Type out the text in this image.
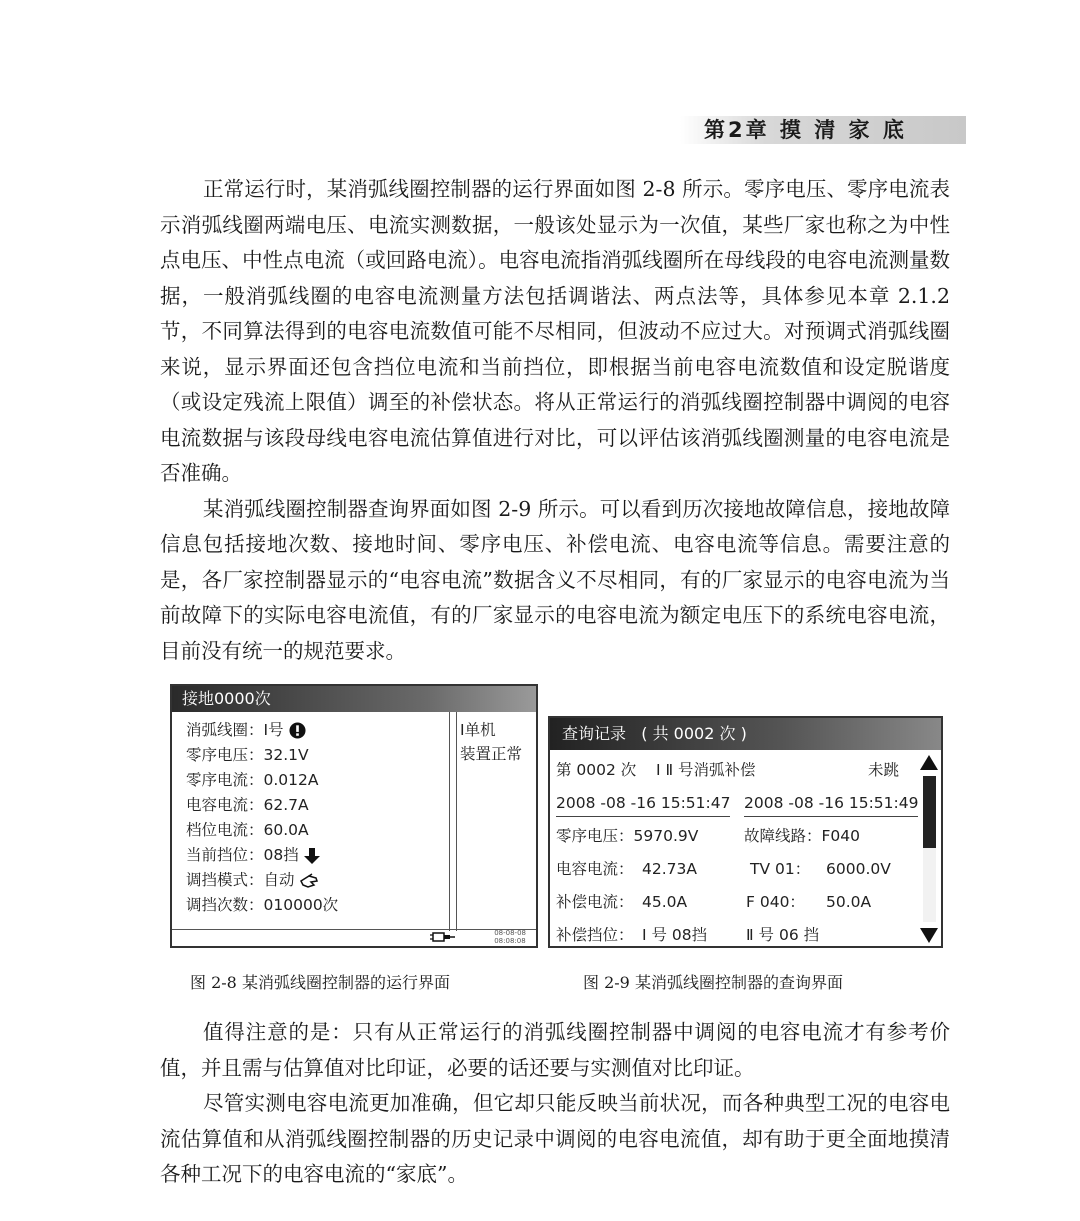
第2章 摸 清 家 底

正常运行时，某消弧线圈控制器的运行界面如图 2-8 所示。零序电压、零序电流表示消弧线圈两端电压、电流实测数据，一般该处显示为一次值，某些厂家也称之为中性点电压、中性点电流（或回路电流）。电容电流指消弧线圈所在母线段的电容电流测量数据，一般消弧线圈的电容电流测量方法包括调谐法、两点法等，具体参见本章 2.1.2 节，不同算法得到的电容电流数值可能不尽相同，但波动不应过大。对预调式消弧线圈来说，显示界面还包含挡位电流和当前挡位，即根据当前电容电流数值和设定脱谐度（或设定残流上限值）调至的补偿状态。将从正常运行的消弧线圈控制器中调阅的电容电流数据与该段母线电容电流估算值进行对比，可以评估该消弧线圈测量的电容电流是否准确。

某消弧线圈控制器查询界面如图 2-9 所示。可以看到历次接地故障信息，接地故障信息包括接地次数、接地时间、零序电压、补偿电流、电容电流等信息。需要注意的是，各厂家控制器显示的“电容电流”数据含义不尽相同，有的厂家显示的电容电流为当前故障下的实际电容电流值，有的厂家显示的电容电流为额定电压下的系统电容电流，目前没有统一的规范要求。

接地0000次
消弧线圈：Ⅰ号
零序电压：32.1V
零序电流：0.012A
电容电流：62.7A
档位电流：60.0A
当前挡位：08挡
调挡模式：自动
调挡次数：010000次
Ⅰ单机
装置正常
08-08-08
08:08:08
查询记录   ( 共 0002 次 )
第 0002 次 Ⅰ Ⅱ 号消弧补偿	未跳
2008 -08 -16 15:51:47 2008 -08 -16 15:51:49
零序电压：5970.9V	故障线路：F040
电容电流： 42.73A	TV 01： 6000.0V
补偿电流： 45.0A	F 040： 50.0A
补偿挡位： Ⅰ 号 08挡	Ⅱ 号 06 挡
图 2-8 某消弧线圈控制器的运行界面	图 2-9 某消弧线圈控制器的查询界面

值得注意的是：只有从正常运行的消弧线圈控制器中调阅的电容电流才有参考价值，并且需与估算值对比印证，必要的话还要与实测值对比印证。

尽管实测电容电流更加准确，但它却只能反映当前状况，而各种典型工况的电容电流估算值和从消弧线圈控制器的历史记录中调阅的电容电流值，却有助于更全面地摸清各种工况下的电容电流的“家底”。
